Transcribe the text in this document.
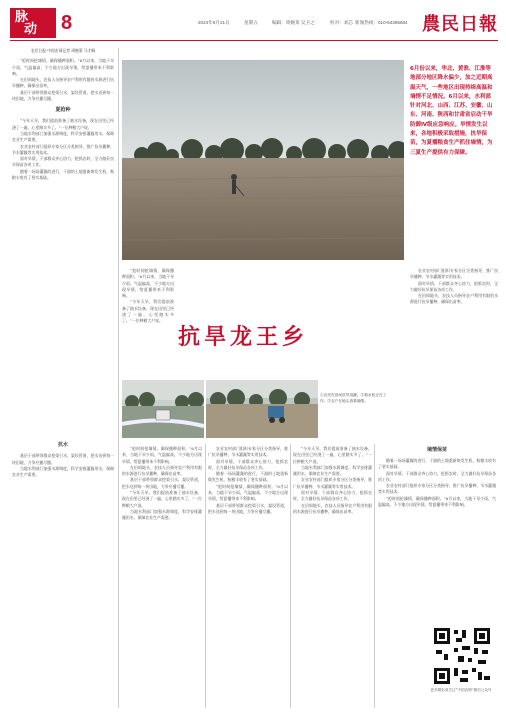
脉
动 8	2024年6月21日	星期五	编辑：周婉莱 吴卫之	校对：刘芯 新闻热线：010-84395684 農民日報
农民日报·中国农网记者 周婉莱 马才顺

“抢时间抢墒情，确保播种面积。”6月以来，当地干旱少雨，气温偏高，不少地方出现旱情，给夏播带来不利影响。

在田间地头，农技人员指导农户利用有限的水源进行抗旱播种，确保出苗率。

基层干部带领群众挖渠引水，架设管道，把水送到每一块田地，力争应播尽播。

夏抢种

“今年天旱，我们提前准备了抽水设备，现在田里已经浇了一遍，心里踏实多了。”一位种粮大户说。

当地水利部门加强水源调度，科学安排灌溉用水，保障农业生产需要。

农业农村部门组织专家分区分类指导，推广抗旱播种、节水灌溉等实用技术。

面对旱情，干部群众齐心协力，抢抓农时，全力做好抗旱保苗各项工作。

随着一场场灌溉的进行，干涸的土地重新焕发生机，秋粮丰收有了坚实基础。

抗水

基层干部带领群众挖渠引水，架设管道，把水送到每一块田地，力争应播尽播。

当地水利部门加强水源调度，科学安排灌溉用水，保障农业生产需要。

6月份以来，华北、黄淮、江淮等地部分地区降水偏少，加之近期高温天气，一些地区出现持续高温和墒情不足情况。6月以来，水利部针对河北、山西、江苏、安徽、山东、河南、陕西和甘肃省启动干旱防御Ⅳ级应急响应。旱情发生以来，各地积极采取措施，抗旱保苗，为夏播粮食生产抓住墒情，为三夏生产提供有力保障。

“抢时间抢墒情，确保播种面积。”6月以来，当地干旱少雨，气温偏高，不少地方出现旱情，给夏播带来不利影响。

“今年天旱，我们提前准备了抽水设备，现在田里已经浇了一遍，心里踏实多了。”一位种粮大户说。

抗旱龙王乡

农业农村部门组织专家分区分类指导，推广抗旱播种、节水灌溉等实用技术。

面对旱情，干部群众齐心协力，抢抓农时，全力做好抗旱保苗各项工作。

在田间地头，农技人员指导农户利用有限的水源进行抗旱播种，确保出苗率。

①农民在田间抗旱浇灌。②抽水机正在工作。③农户在地头查看墒情。

“抢时间抢墒情，确保播种面积。”6月以来，当地干旱少雨，气温偏高，不少地方出现旱情，给夏播带来不利影响。

在田间地头，农技人员指导农户利用有限的水源进行抗旱播种，确保出苗率。

基层干部带领群众挖渠引水，架设管道，把水送到每一块田地，力争应播尽播。

“今年天旱，我们提前准备了抽水设备，现在田里已经浇了一遍，心里踏实多了。”一位种粮大户说。

当地水利部门加强水源调度，科学安排灌溉用水，保障农业生产需要。

农业农村部门组织专家分区分类指导，推广抗旱播种、节水灌溉等实用技术。

面对旱情，干部群众齐心协力，抢抓农时，全力做好抗旱保苗各项工作。

随着一场场灌溉的进行，干涸的土地重新焕发生机，秋粮丰收有了坚实基础。

“抢时间抢墒情，确保播种面积。”6月以来，当地干旱少雨，气温偏高，不少地方出现旱情，给夏播带来不利影响。

基层干部带领群众挖渠引水，架设管道，把水送到每一块田地，力争应播尽播。

“今年天旱，我们提前准备了抽水设备，现在田里已经浇了一遍，心里踏实多了。”一位种粮大户说。

当地水利部门加强水源调度，科学安排灌溉用水，保障农业生产需要。

农业农村部门组织专家分区分类指导，推广抗旱播种、节水灌溉等实用技术。

面对旱情，干部群众齐心协力，抢抓农时，全力做好抗旱保苗各项工作。

在田间地头，农技人员指导农户利用有限的水源进行抗旱播种，确保出苗率。

墒情保苗

随着一场场灌溉的进行，干涸的土地重新焕发生机，秋粮丰收有了坚实基础。

面对旱情，干部群众齐心协力，抢抓农时，全力做好抗旱保苗各项工作。

农业农村部门组织专家分区分类指导，推广抗旱播种、节水灌溉等实用技术。

“抢时间抢墒情，确保播种面积。”6月以来，当地干旱少雨，气温偏高，不少地方出现旱情，给夏播带来不利影响。

更多精彩请关注“中国农网”微信公众号
